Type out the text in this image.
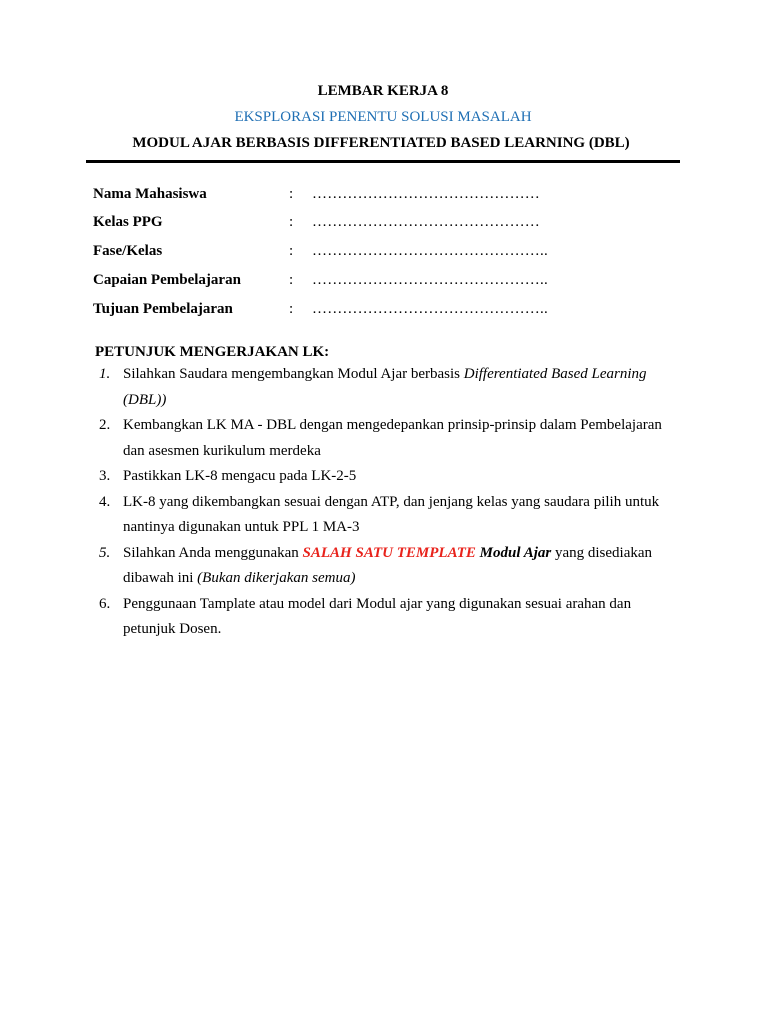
LEMBAR KERJA 8
EKSPLORASI PENENTU SOLUSI MASALAH
MODUL AJAR BERBASIS DIFFERENTIATED BASED LEARNING (DBL)
Nama Mahasiswa	: ………………………………………
Kelas PPG	: ………………………………………
Fase/Kelas	: ………………………………………..
Capaian Pembelajaran	: ………………………………………..
Tujuan Pembelajaran	: ………………………………………..
PETUNJUK MENGERJAKAN LK:
1. Silahkan Saudara mengembangkan Modul Ajar berbasis Differentiated Based Learning (DBL))
2. Kembangkan LK MA - DBL dengan mengedepankan prinsip-prinsip dalam Pembelajaran dan asesmen kurikulum merdeka
3. Pastikkan LK-8 mengacu pada LK-2-5
4. LK-8 yang dikembangkan sesuai dengan ATP, dan jenjang kelas yang saudara pilih untuk nantinya digunakan untuk PPL 1 MA-3
5. Silahkan Anda menggunakan SALAH SATU TEMPLATE Modul Ajar yang disediakan dibawah ini (Bukan dikerjakan semua)
6. Penggunaan Tamplate atau model dari Modul ajar yang digunakan sesuai arahan dan petunjuk Dosen.
